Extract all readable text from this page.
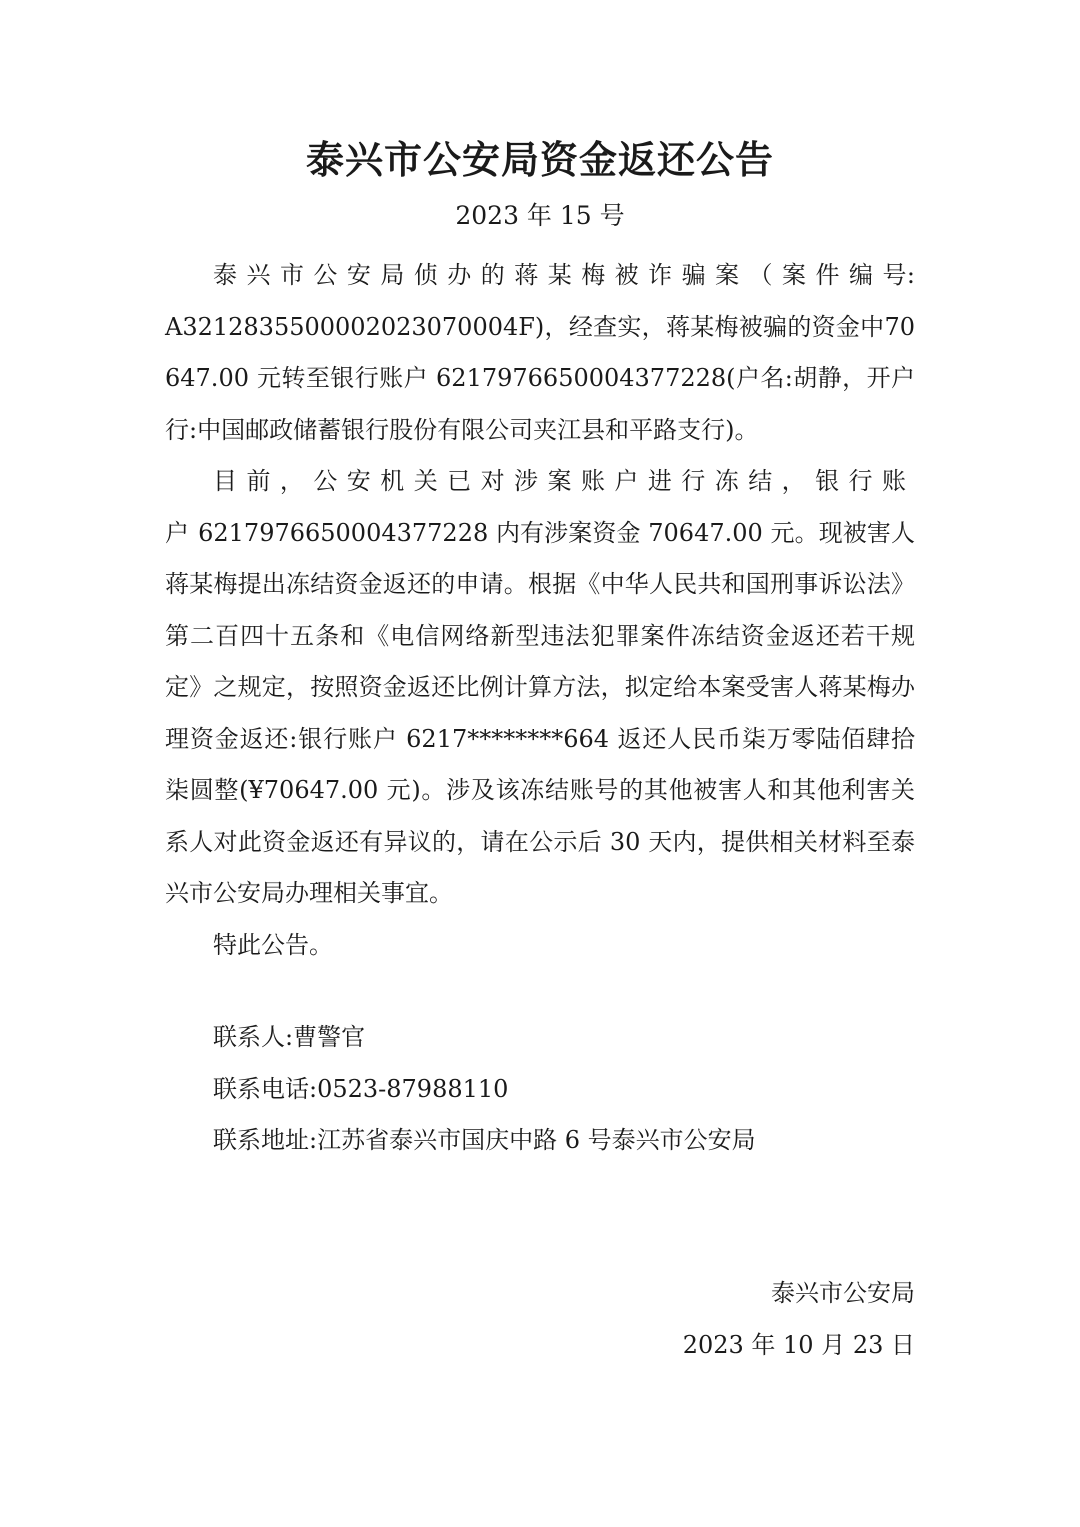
泰兴市公安局资金返还公告
2023 年 15 号

泰兴市公安局侦办的蒋某梅被诈骗案（案件编号:A3212835500002023070004F)，经查实，蒋某梅被骗的资金中70647.00 元转至银行账户 6217976650004377228(户名:胡静，开户行:中国邮政储蓄银行股份有限公司夹江县和平路支行)。

目前，公安机关已对涉案账户进行冻结，银行账户6217976650004377228 内有涉案资金 70647.00 元。现被害人蒋某梅提出冻结资金返还的申请。根据《中华人民共和国刑事诉讼法》第二百四十五条和《电信网络新型违法犯罪案件冻结资金返还若干规定》之规定，按照资金返还比例计算方法，拟定给本案受害人蒋某梅办理资金返还:银行账户 6217********664 返还人民币柒万零陆佰肆拾柒圆整(¥70647.00 元)。涉及该冻结账号的其他被害人和其他利害关系人对此资金返还有异议的，请在公示后 30 天内，提供相关材料至泰兴市公安局办理相关事宜。

特此公告。

联系人:曹警官
联系电话:0523-87988110
联系地址:江苏省泰兴市国庆中路 6 号泰兴市公安局
泰兴市公安局
2023 年 10 月 23 日
